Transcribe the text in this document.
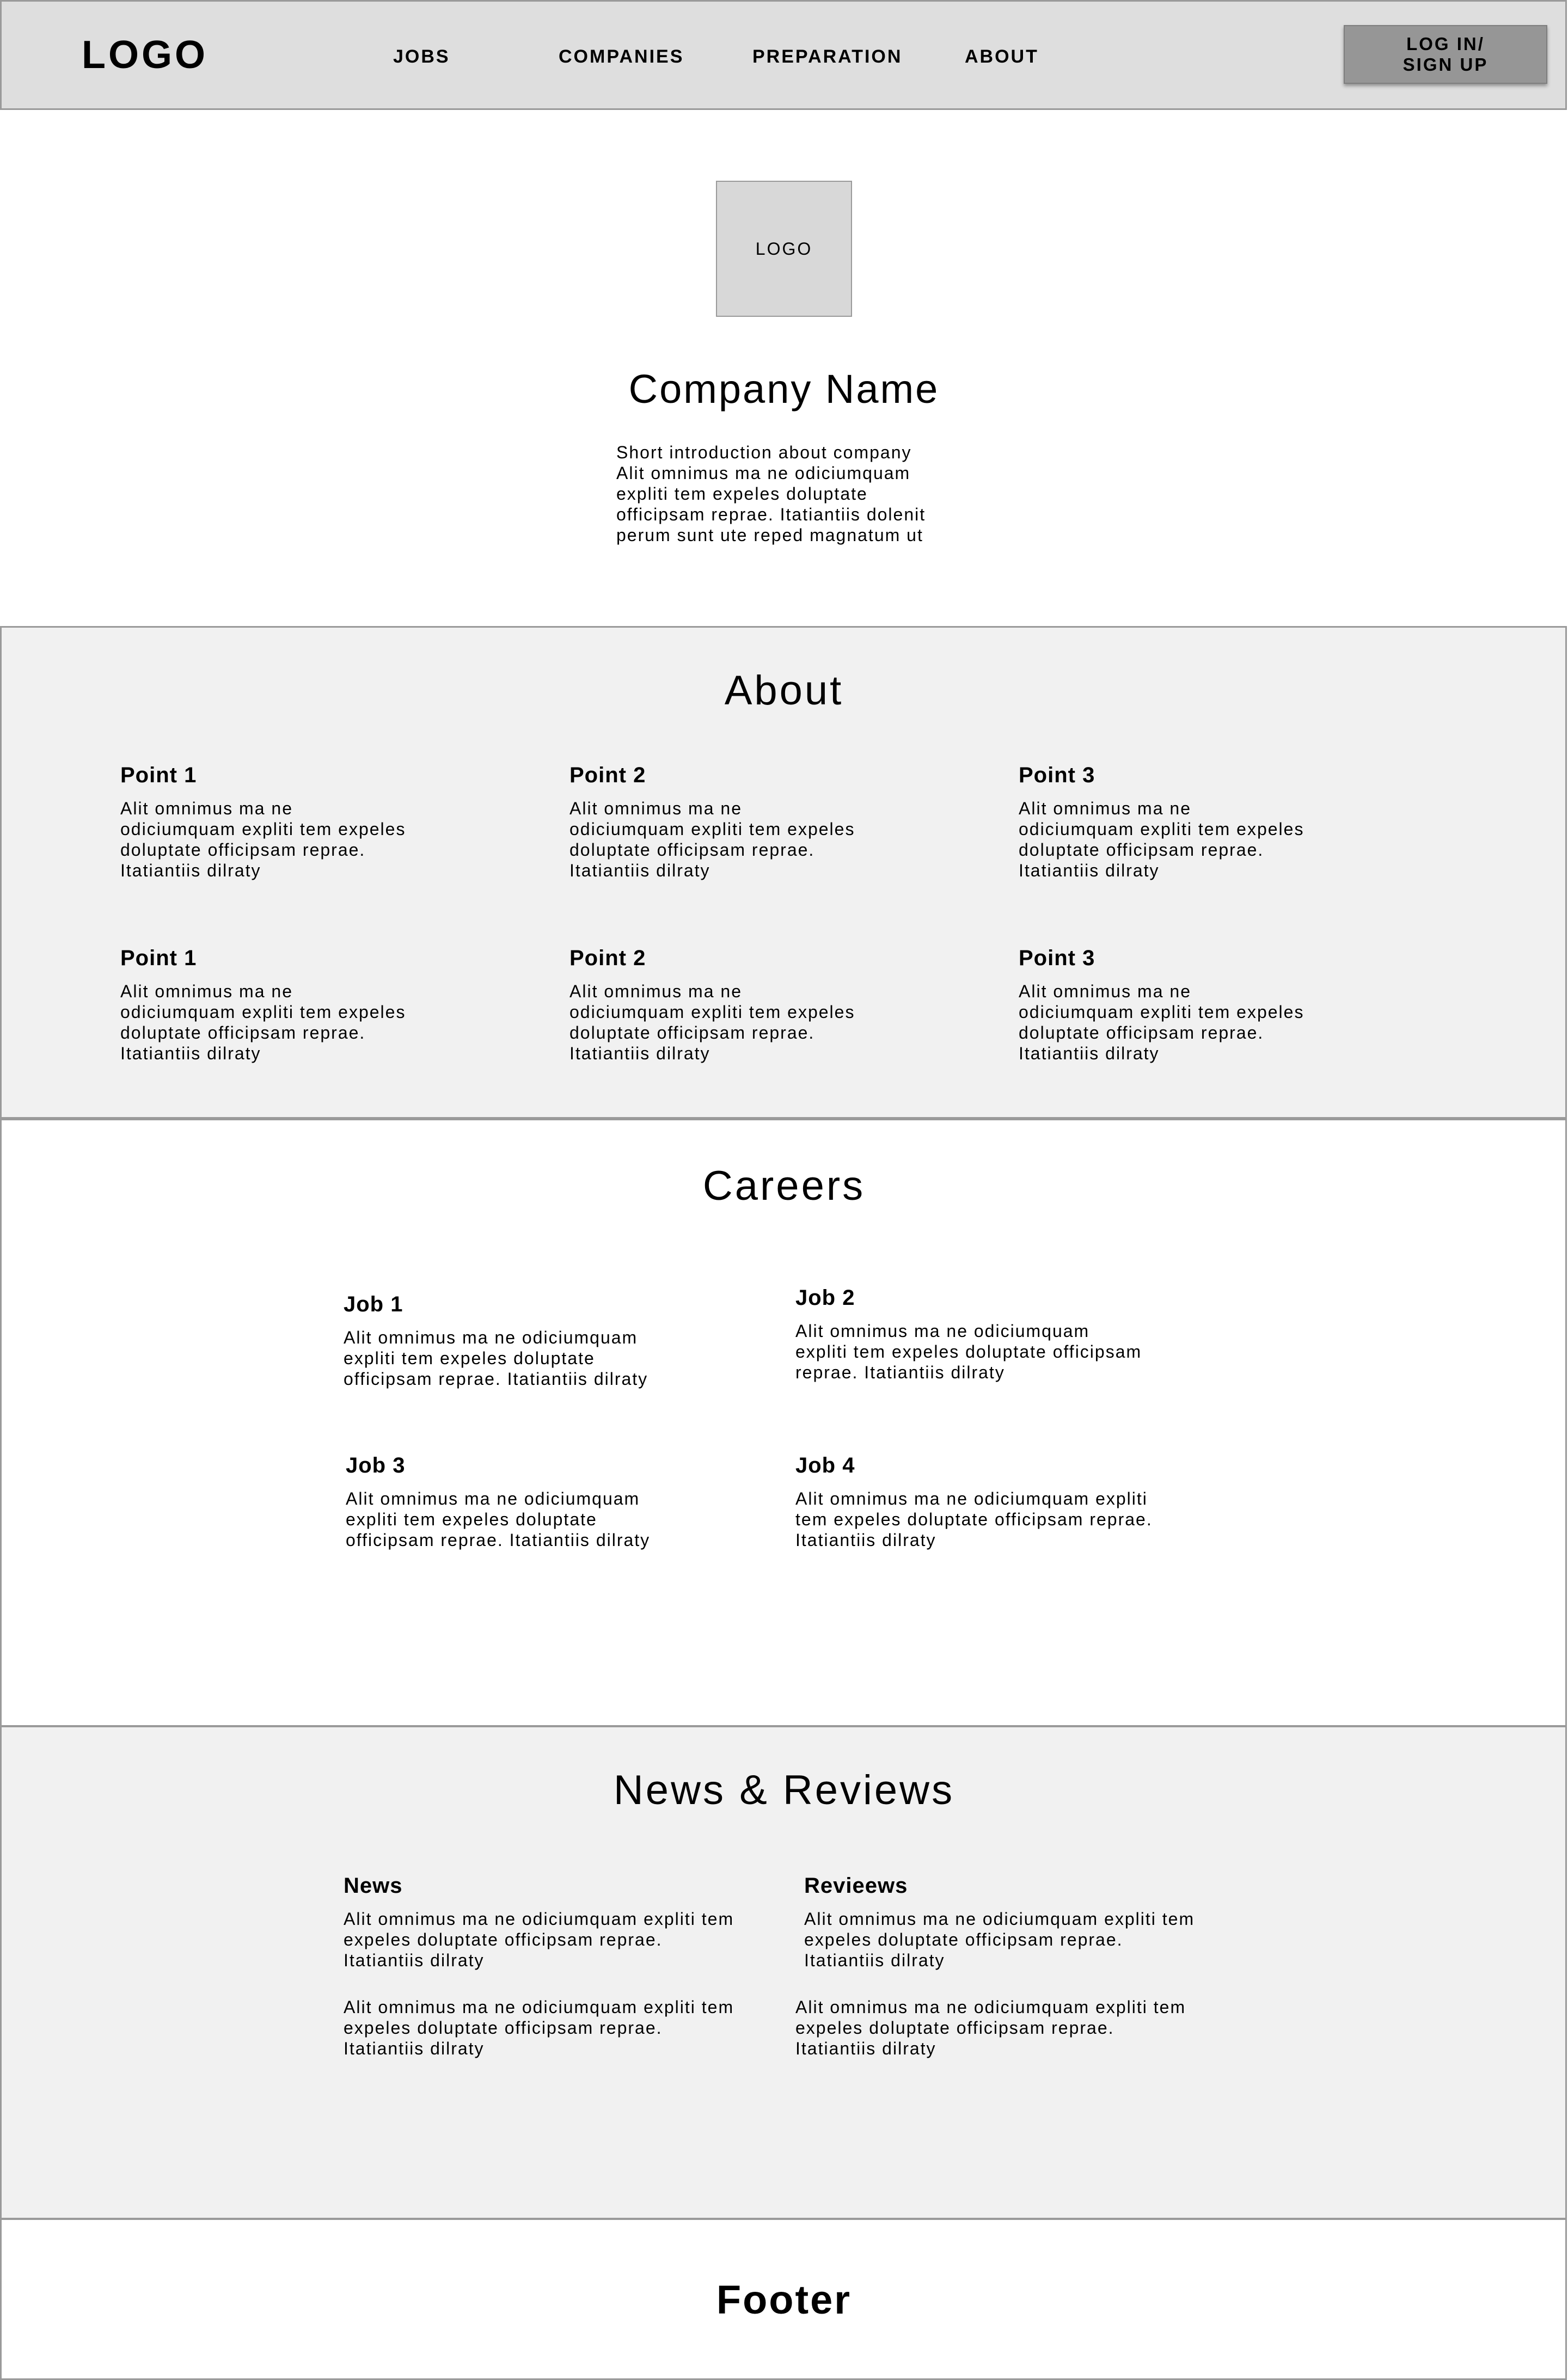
LOGO	JOBS	COMPANIES	PREPARATION	ABOUT
LOG IN/
SIGN UP
LOGO
Company Name
Short introduction about company
Alit omnimus ma ne odiciumquam
expliti tem expeles doluptate
officipsam reprae. Itatiantiis dolenit
perum sunt ute reped magnatum ut
About
Point 1
Alit omnimus ma ne
odiciumquam expliti tem expeles
doluptate officipsam reprae.
Itatiantiis dilraty
Point 2
Alit omnimus ma ne
odiciumquam expliti tem expeles
doluptate officipsam reprae.
Itatiantiis dilraty
Point 3
Alit omnimus ma ne
odiciumquam expliti tem expeles
doluptate officipsam reprae.
Itatiantiis dilraty
Point 1
Alit omnimus ma ne
odiciumquam expliti tem expeles
doluptate officipsam reprae.
Itatiantiis dilraty
Point 2
Alit omnimus ma ne
odiciumquam expliti tem expeles
doluptate officipsam reprae.
Itatiantiis dilraty
Point 3
Alit omnimus ma ne
odiciumquam expliti tem expeles
doluptate officipsam reprae.
Itatiantiis dilraty
Careers
Job 1
Alit omnimus ma ne odiciumquam
expliti tem expeles doluptate
officipsam reprae. Itatiantiis dilraty
Job 2
Alit omnimus ma ne odiciumquam
expliti tem expeles doluptate officipsam
reprae. Itatiantiis dilraty
Job 3
Alit omnimus ma ne odiciumquam
expliti tem expeles doluptate
officipsam reprae. Itatiantiis dilraty
Job 4
Alit omnimus ma ne odiciumquam expliti
tem expeles doluptate officipsam reprae.
Itatiantiis dilraty
News & Reviews
News
Alit omnimus ma ne odiciumquam expliti tem
expeles doluptate officipsam reprae.
Itatiantiis dilraty
Alit omnimus ma ne odiciumquam expliti tem
expeles doluptate officipsam reprae.
Itatiantiis dilraty
Revieews
Alit omnimus ma ne odiciumquam expliti tem
expeles doluptate officipsam reprae.
Itatiantiis dilraty
Alit omnimus ma ne odiciumquam expliti tem
expeles doluptate officipsam reprae.
Itatiantiis dilraty
Footer
